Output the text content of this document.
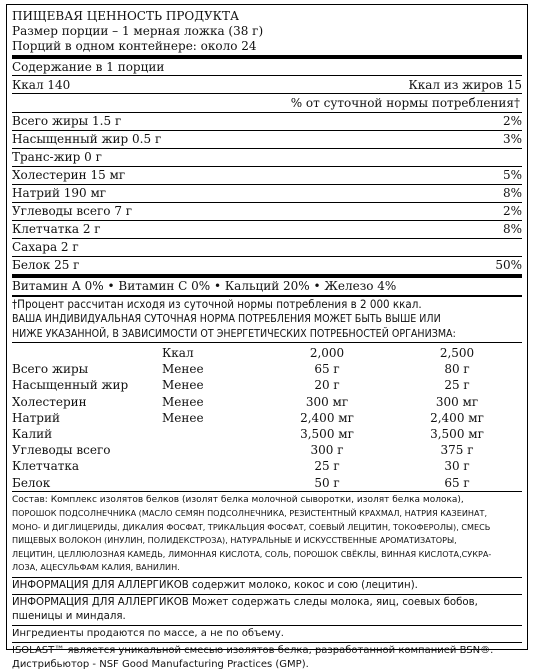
ПИЩЕВАЯ ЦЕННОСТЬ ПРОДУКТА
Размер порции – 1 мерная ложка (38 г)
Порций в одном контейнере: около 24
Содержание в 1 порции
Ккал 140	Ккал из жиров 15
% от суточной нормы потребления†
Всего жиры 1.5 г	2%
Насыщенный жир 0.5 г	3%
Транс-жир 0 г
Холестерин 15 мг	5%
Натрий 190 мг	8%
Углеводы всего 7 г	2%
Клетчатка 2 г	8%
Сахара 2 г
Белок 25 г	50%
Витамин А 0% • Витамин С 0% • Кальций 20% • Железо 4%
†Процент рассчитан исходя из суточной нормы потребления в 2 000 ккал.
ВАША ИНДИВИДУАЛЬНАЯ СУТОЧНАЯ НОРМА ПОТРЕБЛЕНИЯ МОЖЕТ БЫТЬ ВЫШЕ ИЛИ
НИЖЕ УКАЗАННОЙ, В ЗАВИСИМОСТИ ОТ ЭНЕРГЕТИЧЕСКИХ ПОТРЕБНОСТЕЙ ОРГАНИЗМА:
	Ккал	2,000	2,500
Всего жиры	Менее	65 г	80 г
Насыщенный жир	Менее	20 г	25 г
Холестерин	Менее	300 мг	300 мг
Натрий	Менее	2,400 мг	2,400 мг
Калий		3,500 мг	3,500 мг
Углеводы всего		300 г	375 г
Клетчатка		25 г	30 г
Белок		50 г	65 г
Состав: Комплекс изолятов белков (изолят белка молочной сыворотки, изолят белка молока),
ПОРОШОК ПОДСОЛНЕЧНИКА (МАСЛО СЕМЯН ПОДСОЛНЕЧНИКА, РЕЗИСТЕНТНЫЙ КРАХМАЛ, НАТРИЯ КАЗЕИНАТ,
МОНО- И ДИГЛИЦЕРИДЫ, ДИКАЛИЯ ФОСФАТ, ТРИКАЛЬЦИЯ ФОСФАТ, СОЕВЫЙ ЛЕЦИТИН, ТОКОФЕРОЛЫ), СМЕСЬ
ПИЩЕВЫХ ВОЛОКОН (ИНУЛИН, ПОЛИДЕКСТРОЗА), НАТУРАЛЬНЫЕ И ИСКУССТВЕННЫЕ АРОМАТИЗАТОРЫ,
ЛЕЦИТИН, ЦЕЛЛЮЛОЗНАЯ КАМЕДЬ, ЛИМОННАЯ КИСЛОТА, СОЛЬ, ПОРОШОК СВЁКЛЫ, ВИННАЯ КИСЛОТА,СУКРА-
ЛОЗА, АЦЕСУЛЬФАМ КАЛИЯ, ВАНИЛИН.
ИНФОРМАЦИЯ ДЛЯ АЛЛЕРГИКОВ содержит молоко, кокос и сою (лецитин).
ИНФОРМАЦИЯ ДЛЯ АЛЛЕРГИКОВ Может содержать следы молока, яиц, соевых бобов,
пшеницы и миндаля.
Ингредиенты продаются по массе, а не по объему.
ISOLAST™ является уникальной смесью изолятов белка, разработанной компанией BSN®.
Дистрибьютор - NSF Good Manufacturing Practices (GMP).
